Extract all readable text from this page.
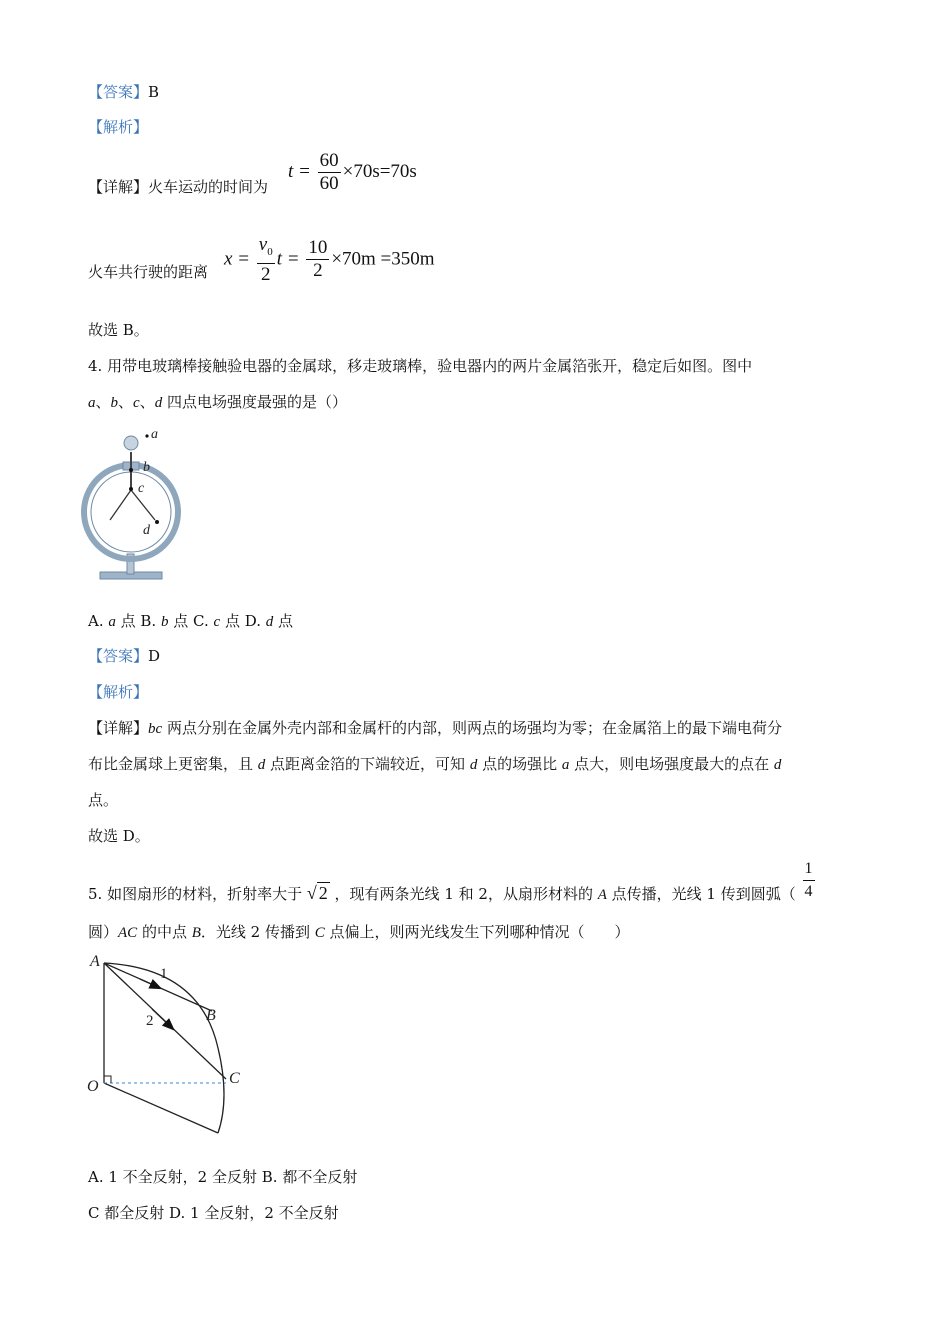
【答案】B
【解析】
【详解】火车运动的时间为
$t = \frac{60}{60} \times 70s=70s$
火车共行驶的距离
$x = \frac{v_0}{2}$ $t = \frac{10}{2} \times 70m =350m$
故选 B。
4. 用带电玻璃棒接触验电器的金属球，移走玻璃棒，验电器内的两片金属箔张开，稳定后如图。图中
a、b、c、d 四点电场强度最强的是（）
a
b
c
d
A. a 点 B. b 点 C. c 点 D. d 点
【答案】D
【解析】
【详解】bc 两点分别在金属外壳内部和金属杆的内部，则两点的场强均为零；在金属箔上的最下端电荷分
布比金属球上更密集，且 d 点距离金箔的下端较近，可知 d 点的场强比 a 点大，则电场强度最大的点在 d
点。
故选 D。
5. 如图扇形的材料，折射率大于 √ 2 ，现有两条光线 1 和 2，从扇形材料的 A 点传播，光线 1 传到圆弧（ $\frac{1}{4}$
圆）AC 的中点 B．光线 2 传播到 C 点偏上，则两光线发生下列哪种情况（　　）
A
B
C
O
1
2
A. 1 不全反射，2 全反射 B. 都不全反射
C 都全反射 D. 1 全反射，2 不全反射
